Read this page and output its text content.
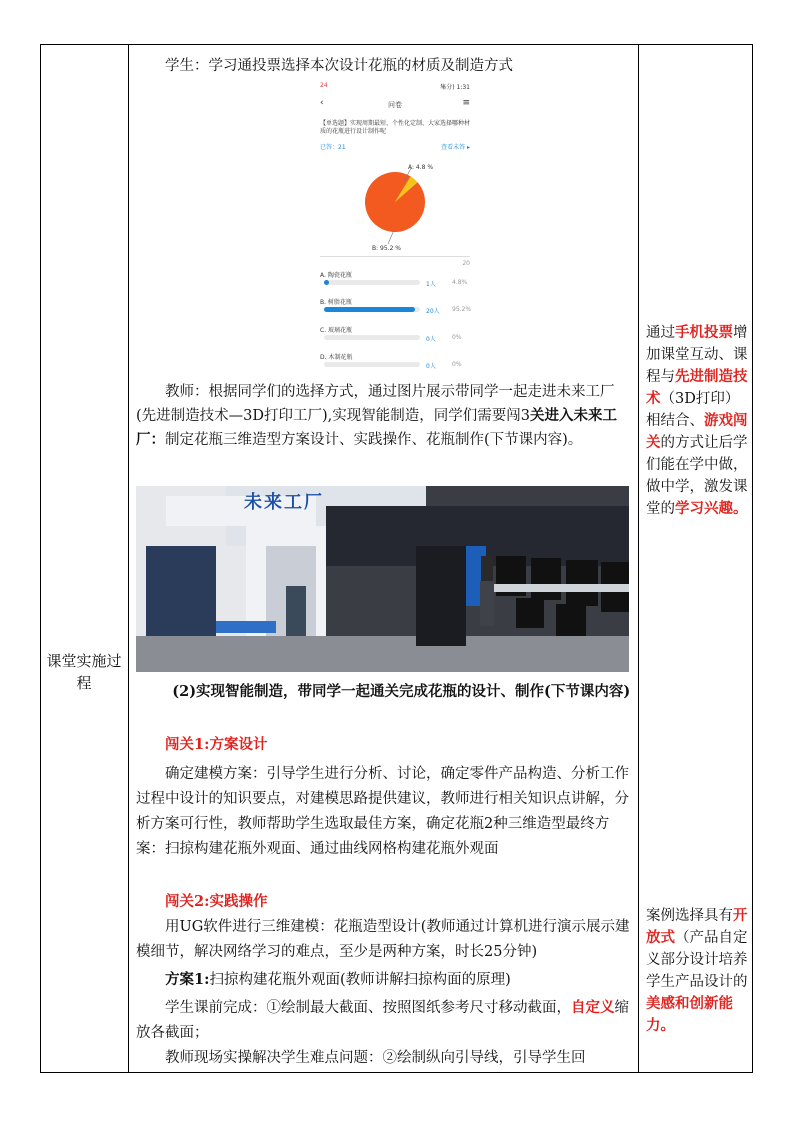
课堂实施过程
学生：学习通投票选择本次设计花瓶的材质及制造方式
24	集分) 1:31
‹	问卷	≡
【单选题】实现周期最短、个性化定制、大家选择哪种材质的花瓶进行设计制作呢
已答：21	查看未答 ▸
A: 4.8 %
B: 95.2 %
20
A. 陶瓷花瓶
1人	4.8%
B. 树脂花瓶
20人 95.2%
C. 玻璃花瓶
0人	0%
D. 木制花瓶
0人	0%
教师：根据同学们的选择方式，通过图片展示带同学一起走进未来工厂(先进制造技术—3D打印工厂),实现智能制造，同学们需要闯3关进入未来工厂：制定花瓶三维造型方案设计、实践操作、花瓶制作(下节课内容)。
未来工厂
(2)实现智能制造，带同学一起通关完成花瓶的设计、制作(下节课内容)
闯关1:方案设计
确定建模方案：引导学生进行分析、讨论，确定零件产品构造、分析工作过程中设计的知识要点，对建模思路提供建议，教师进行相关知识点讲解，分析方案可行性，教师帮助学生选取最佳方案，确定花瓶2种三维造型最终方案：扫掠构建花瓶外观面、通过曲线网格构建花瓶外观面
闯关2:实践操作
用UG软件进行三维建模：花瓶造型设计(教师通过计算机进行演示展示建模细节，解决网络学习的难点，至少是两种方案，时长25分钟)
方案1:扫掠构建花瓶外观面(教师讲解扫掠构面的原理)
学生课前完成：①绘制最大截面、按照图纸参考尺寸移动截面，自定义缩放各截面；
教师现场实操解决学生难点问题：②绘制纵向引导线，引导学生回
通过手机投票增加课堂互动、课程与先进制造技术（3D打印）相结合、游戏闯关的方式让后学们能在学中做，做中学，激发课堂的学习兴趣。
案例选择具有开放式（产品自定义部分设计培养学生产品设计的美感和创新能力。
